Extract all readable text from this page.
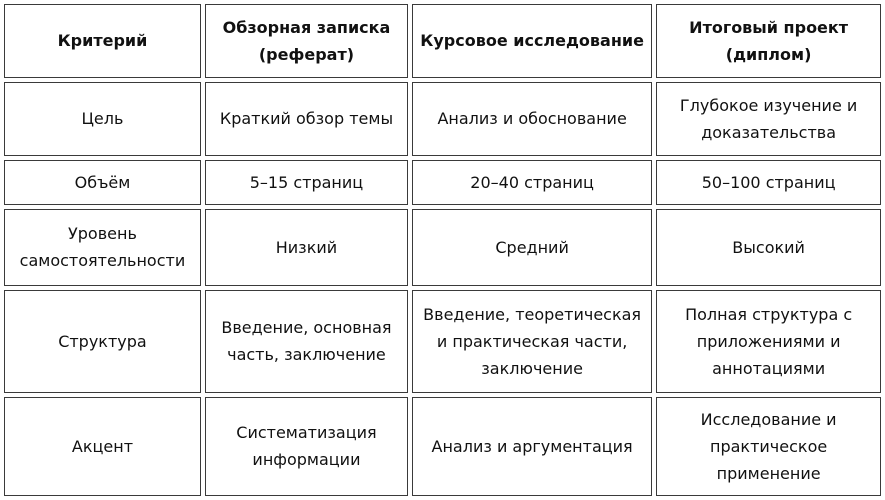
Критерий	Обзорная записка (реферат)	Курсовое исследование	Итоговый проект (диплом)
Цель	Краткий обзор темы	Анализ и обоснование	Глубокое изучение и доказательства
Объём	5–15 страниц	20–40 страниц	50–100 страниц
Уровень самостоятельности	Низкий	Средний	Высокий
Структура	Введение, основная часть, заключение	Введение, теоретическая и практическая части, заключение	Полная структура с приложениями и аннотациями
Акцент	Систематизация информации	Анализ и аргументация	Исследование и практическое применение
